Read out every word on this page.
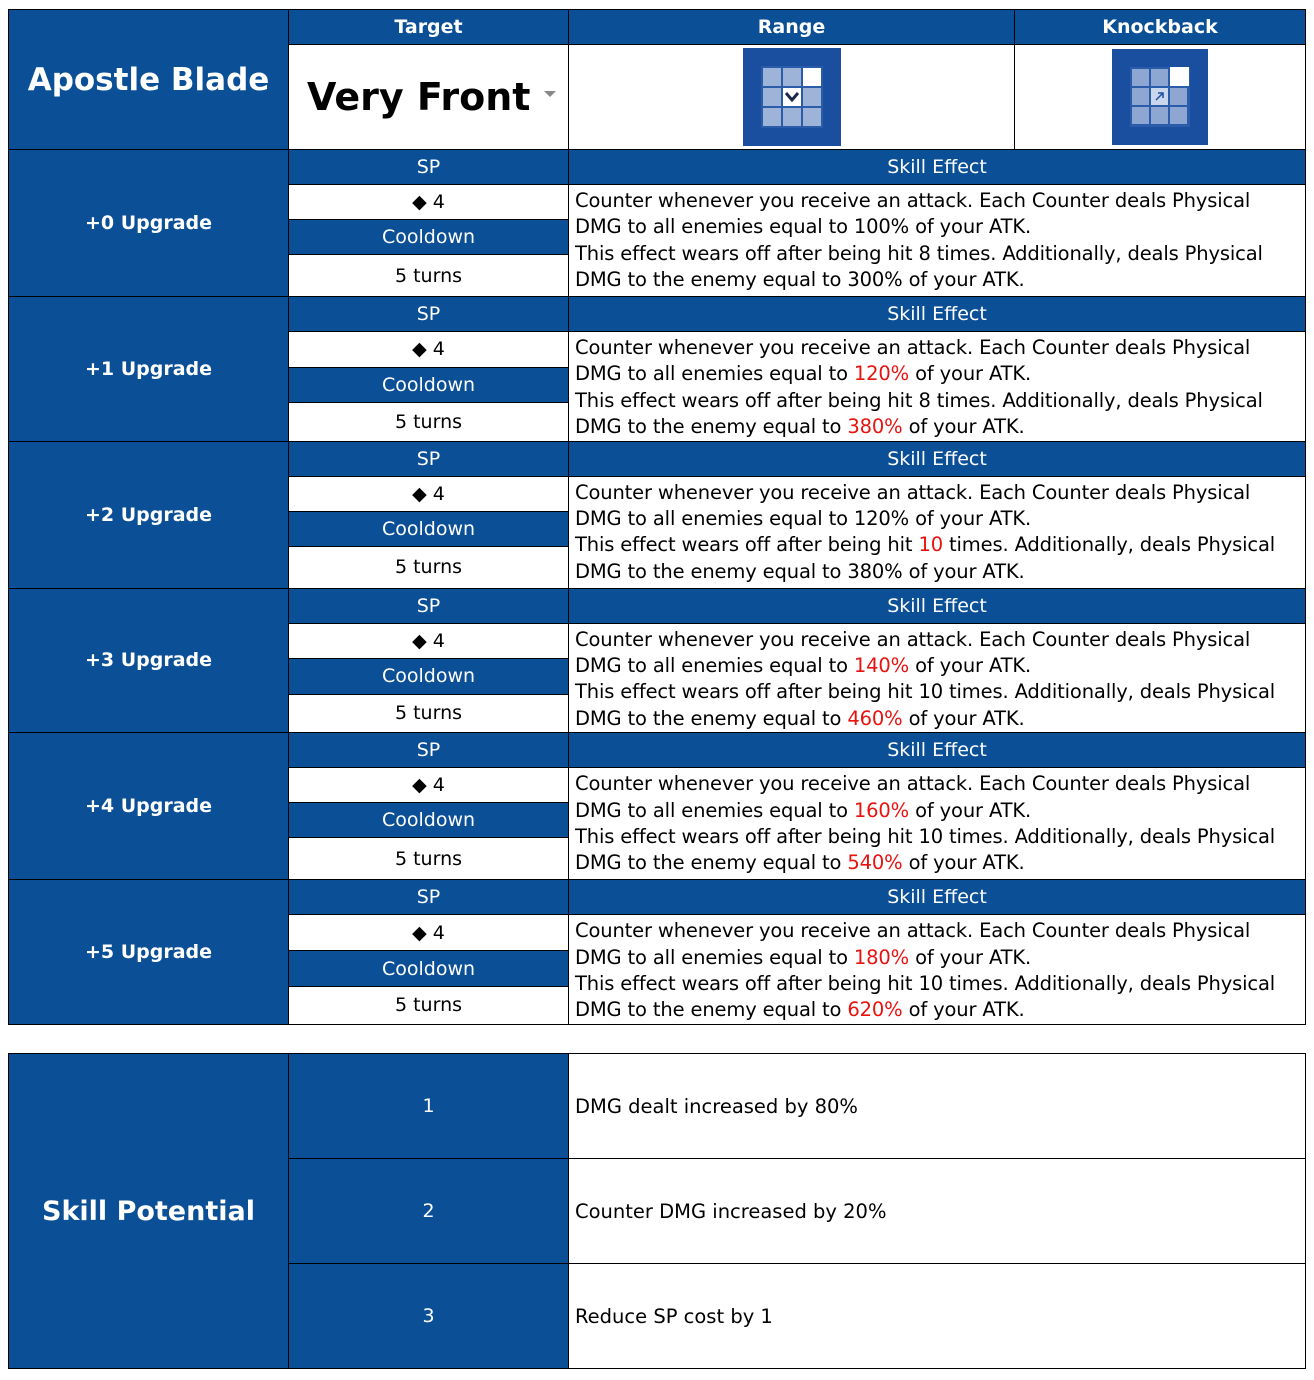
Apostle Blade	Target	Range	Knockback
	Very Front

+0 Upgrade	SP	Skill Effect	
	◆ 4	Counter whenever you receive an attack. Each Counter deals Physical
DMG to all enemies equal to 100% of your ATK.
This effect wears off after being hit 8 times. Additionally, deals Physical
DMG to the enemy equal to 300% of your ATK.	

	Cooldown		
	5 turns		
+1 Upgrade	SP	Skill Effect	
	◆ 4	Counter whenever you receive an attack. Each Counter deals Physical
DMG to all enemies equal to 120% of your ATK.
This effect wears off after being hit 8 times. Additionally, deals Physical
DMG to the enemy equal to 380% of your ATK.	

	Cooldown		
	5 turns		
+2 Upgrade	SP	Skill Effect	
	◆ 4	Counter whenever you receive an attack. Each Counter deals Physical
DMG to all enemies equal to 120% of your ATK.
This effect wears off after being hit 10 times. Additionally, deals Physical
DMG to the enemy equal to 380% of your ATK.	

	Cooldown		
	5 turns		
+3 Upgrade	SP	Skill Effect	
	◆ 4	Counter whenever you receive an attack. Each Counter deals Physical
DMG to all enemies equal to 140% of your ATK.
This effect wears off after being hit 10 times. Additionally, deals Physical
DMG to the enemy equal to 460% of your ATK.	

	Cooldown		
	5 turns		
+4 Upgrade	SP	Skill Effect	
	◆ 4	Counter whenever you receive an attack. Each Counter deals Physical
DMG to all enemies equal to 160% of your ATK.
This effect wears off after being hit 10 times. Additionally, deals Physical
DMG to the enemy equal to 540% of your ATK.	

	Cooldown		
	5 turns		
+5 Upgrade	SP	Skill Effect	
	◆ 4	Counter whenever you receive an attack. Each Counter deals Physical
DMG to all enemies equal to 180% of your ATK.
This effect wears off after being hit 10 times. Additionally, deals Physical
DMG to the enemy equal to 620% of your ATK.	

	Cooldown		
	5 turns		
Skill Potential	1	DMG dealt increased by 80%
	2	Counter DMG increased by 20%
	3	Reduce SP cost by 1
